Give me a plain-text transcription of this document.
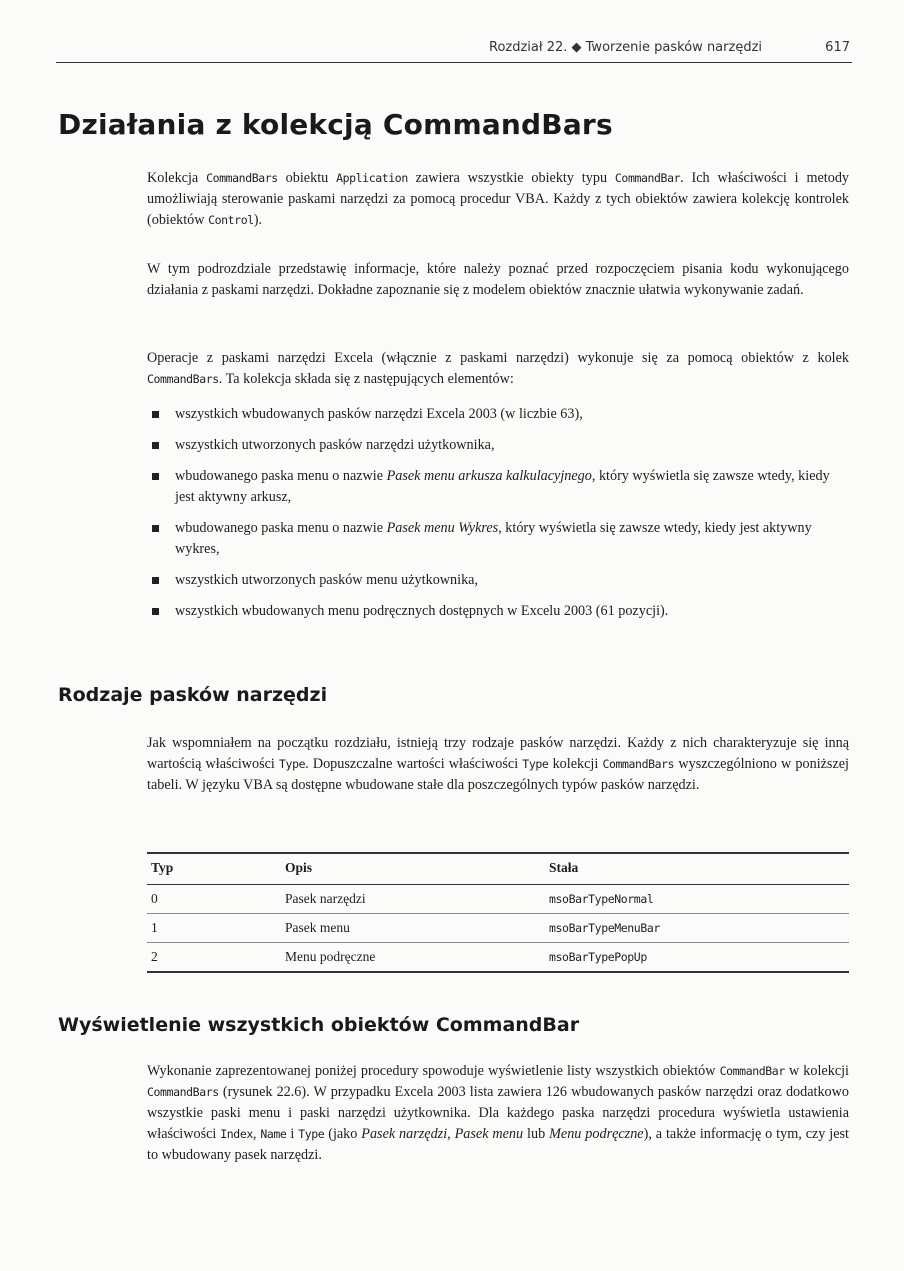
Rozdział 22. ◆ Tworzenie pasków narzędzi	617
Działania z kolekcją CommandBars

Kolekcja CommandBars obiektu Application zawiera wszystkie obiekty typu CommandBar. Ich właściwości i metody umożliwiają sterowanie paskami narzędzi za pomocą procedur VBA. Każdy z tych obiektów zawiera kolekcję kontrolek (obiektów Control).

W tym podrozdziale przedstawię informacje, które należy poznać przed rozpoczęciem pisania kodu wykonującego działania z paskami narzędzi. Dokładne zapoznanie się z modelem obiektów znacznie ułatwia wykonywanie zadań.

Operacje z paskami narzędzi Excela (włącznie z paskami narzędzi) wykonuje się za pomocą obiektów z kolek CommandBars. Ta kolekcja składa się z następujących elementów:

wszystkich wbudowanych pasków narzędzi Excela 2003 (w liczbie 63),
wszystkich utworzonych pasków narzędzi użytkownika,
wbudowanego paska menu o nazwie Pasek menu arkusza kalkulacyjnego, który wyświetla się zawsze wtedy, kiedy jest aktywny arkusz,
wbudowanego paska menu o nazwie Pasek menu Wykres, który wyświetla się zawsze wtedy, kiedy jest aktywny wykres,
wszystkich utworzonych pasków menu użytkownika,
wszystkich wbudowanych menu podręcznych dostępnych w Excelu 2003 (61 pozycji).
Rodzaje pasków narzędzi

Jak wspomniałem na początku rozdziału, istnieją trzy rodzaje pasków narzędzi. Każdy z nich charakteryzuje się inną wartością właściwości Type. Dopuszczalne wartości właściwości Type kolekcji CommandBars wyszczególniono w poniższej tabeli. W języku VBA są dostępne wbudowane stałe dla poszczególnych typów pasków narzędzi.

Typ	Opis	Stała
0	Pasek narzędzi	msoBarTypeNormal
1	Pasek menu	msoBarTypeMenuBar
2	Menu podręczne	msoBarTypePopUp
Wyświetlenie wszystkich obiektów CommandBar

Wykonanie zaprezentowanej poniżej procedury spowoduje wyświetlenie listy wszystkich obiektów CommandBar w kolekcji CommandBars (rysunek 22.6). W przypadku Excela 2003 lista zawiera 126 wbudowanych pasków narzędzi oraz dodatkowo wszystkie paski menu i paski narzędzi użytkownika. Dla każdego paska narzędzi procedura wyświetla ustawienia właściwości Index, Name i Type (jako Pasek narzędzi, Pasek menu lub Menu podręczne), a także informację o tym, czy jest to wbudowany pasek narzędzi.
